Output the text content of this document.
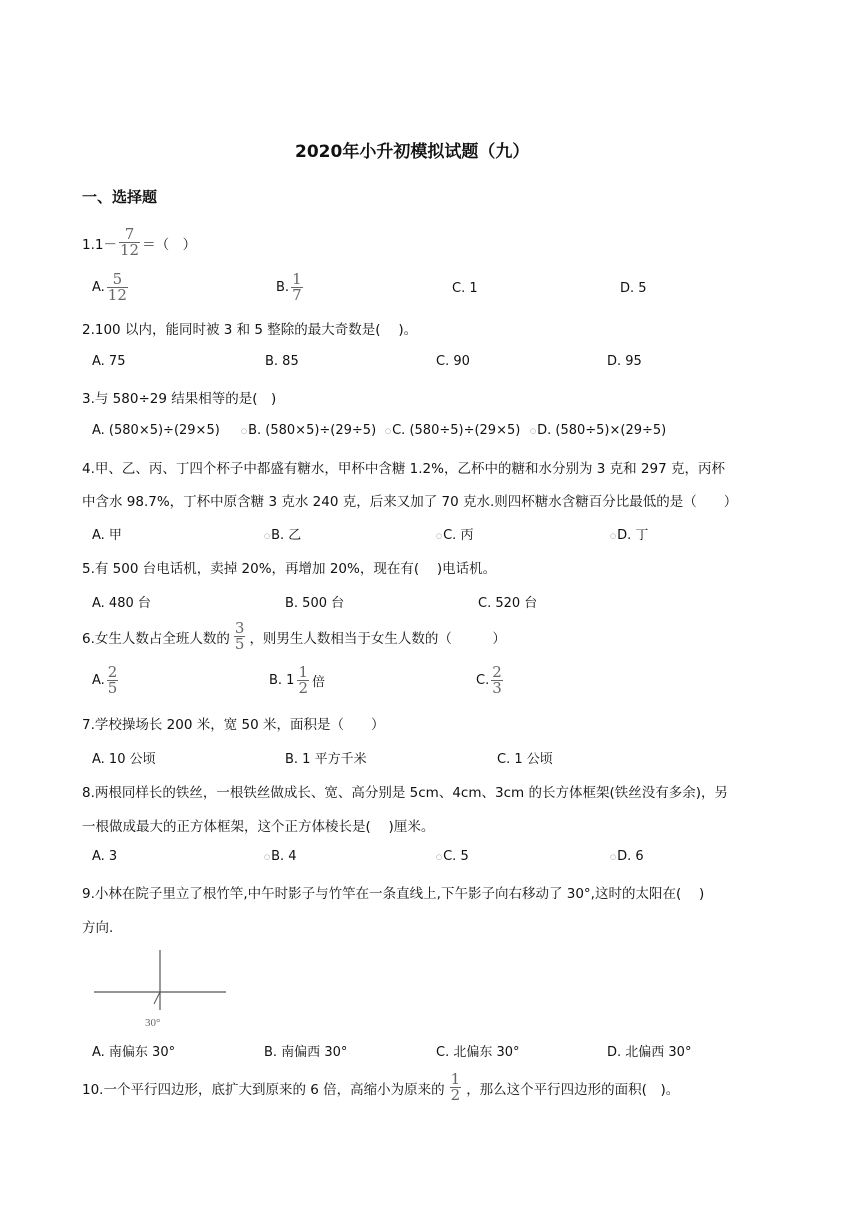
2020年小升初模拟试题（九）
一、选择题
$1.1- \frac{7}{12}$ ＝（　）
A. $\frac{5}{12}$	B. $\frac{1}{7}$	C. 1	D. 5
2.100 以内，能同时被 3 和 5 整除的最大奇数是(　 )。
A. 75	B. 85	C. 90	D. 95
3.与 580÷29 结果相等的是(　)
A. (580×5)÷(29×5)	○B. (580×5)÷(29÷5) ○C. (580÷5)÷(29×5) ○D. (580÷5)×(29÷5)
4.甲、乙、丙、丁四个杯子中都盛有糖水，甲杯中含糖 1.2%，乙杯中的糖和水分别为 3 克和 297 克，丙杯
中含水 98.7%，丁杯中原含糖 3 克水 240 克，后来又加了 70 克水.则四杯糖水含糖百分比最低的是（　　）
A. 甲	○B. 乙	○C. 丙	○D. 丁
5.有 500 台电话机，卖掉 20%，再增加 20%，现在有(　 )电话机。
A. 480 台	B. 500 台	C. 520 台
6.女生人数占全班人数的 $\frac{3}{5}$ ，则男生人数相当于女生人数的（　　　）
A. $\frac{2}{5}$	B. $1 \frac{1}{2}$ 倍	C. $\frac{2}{3}$
7.学校操场长 200 米，宽 50 米，面积是（　　）
A. 10 公顷	B. 1 平方千米	C. 1 公顷
8.两根同样长的铁丝，一根铁丝做成长、宽、高分别是 5cm、4cm、3cm 的长方体框架(铁丝没有多余)，另
一根做成最大的正方体框架，这个正方体棱长是(　 )厘米。
A. 3	○B. 4	○C. 5	○D. 6
9.小林在院子里立了根竹竿,中午时影子与竹竿在一条直线上,下午影子向右移动了 30°,这时的太阳在(　 )
方向.
30°
A. 南偏东 30°	B. 南偏西 30°	C. 北偏东 30°	D. 北偏西 30°
10.一个平行四边形，底扩大到原来的 6 倍，高缩小为原来的 $\frac{1}{2}$ ，那么这个平行四边形的面积(　)。
